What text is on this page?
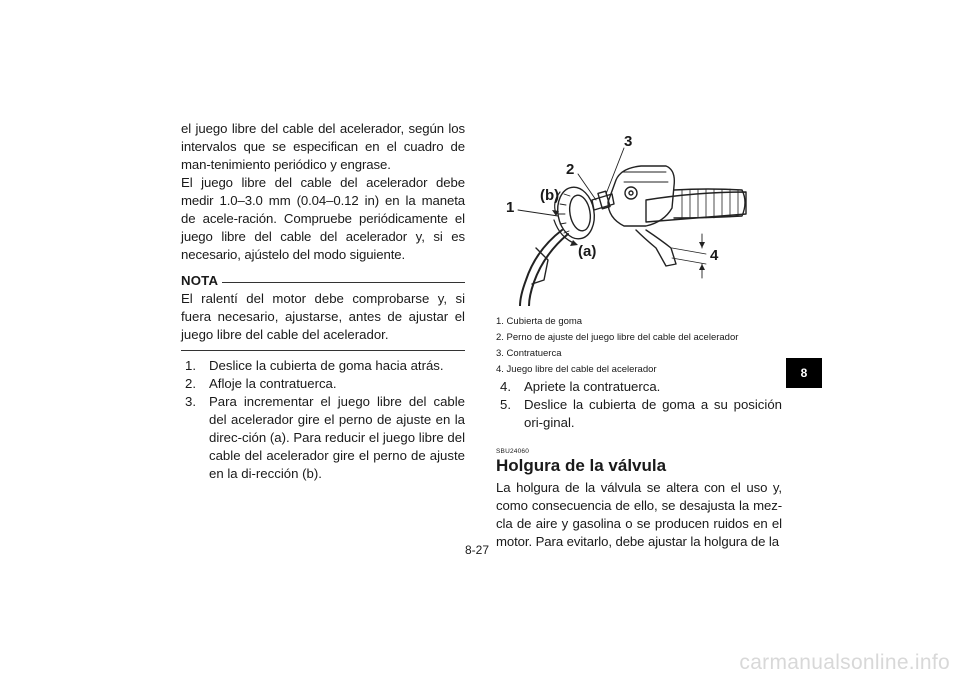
el juego libre del cable del acelerador, según los intervalos que se especifican en el cuadro de man-tenimiento periódico y engrase.

El juego libre del cable del acelerador debe medir 1.0–3.0 mm (0.04–0.12 in) en la maneta de acele-ración. Compruebe periódicamente el juego libre del cable del acelerador y, si es necesario, ajústelo del modo siguiente.

NOTA

El ralentí del motor debe comprobarse y, si fuera necesario, ajustarse, antes de ajustar el juego libre del cable del acelerador.

1. Deslice la cubierta de goma hacia atrás.
2. Afloje la contratuerca.
3. Para incrementar el juego libre del cable del acelerador gire el perno de ajuste en la direc-ción (a). Para reducir el juego libre del cable del acelerador gire el perno de ajuste en la di-rección (b).
3
2
(b)
1
(a)	4
1. Cubierta de goma
2. Perno de ajuste del juego libre del cable del acelerador
3. Contratuerca
4. Juego libre del cable del acelerador
4. Apriete la contratuerca.
5. Deslice la cubierta de goma a su posición ori-ginal.
SBU24060
Holgura de la válvula

La holgura de la válvula se altera con el uso y, como consecuencia de ello, se desajusta la mez-cla de aire y gasolina o se producen ruidos en el motor. Para evitarlo, debe ajustar la holgura de la

8-27
8
carmanualsonline.info
